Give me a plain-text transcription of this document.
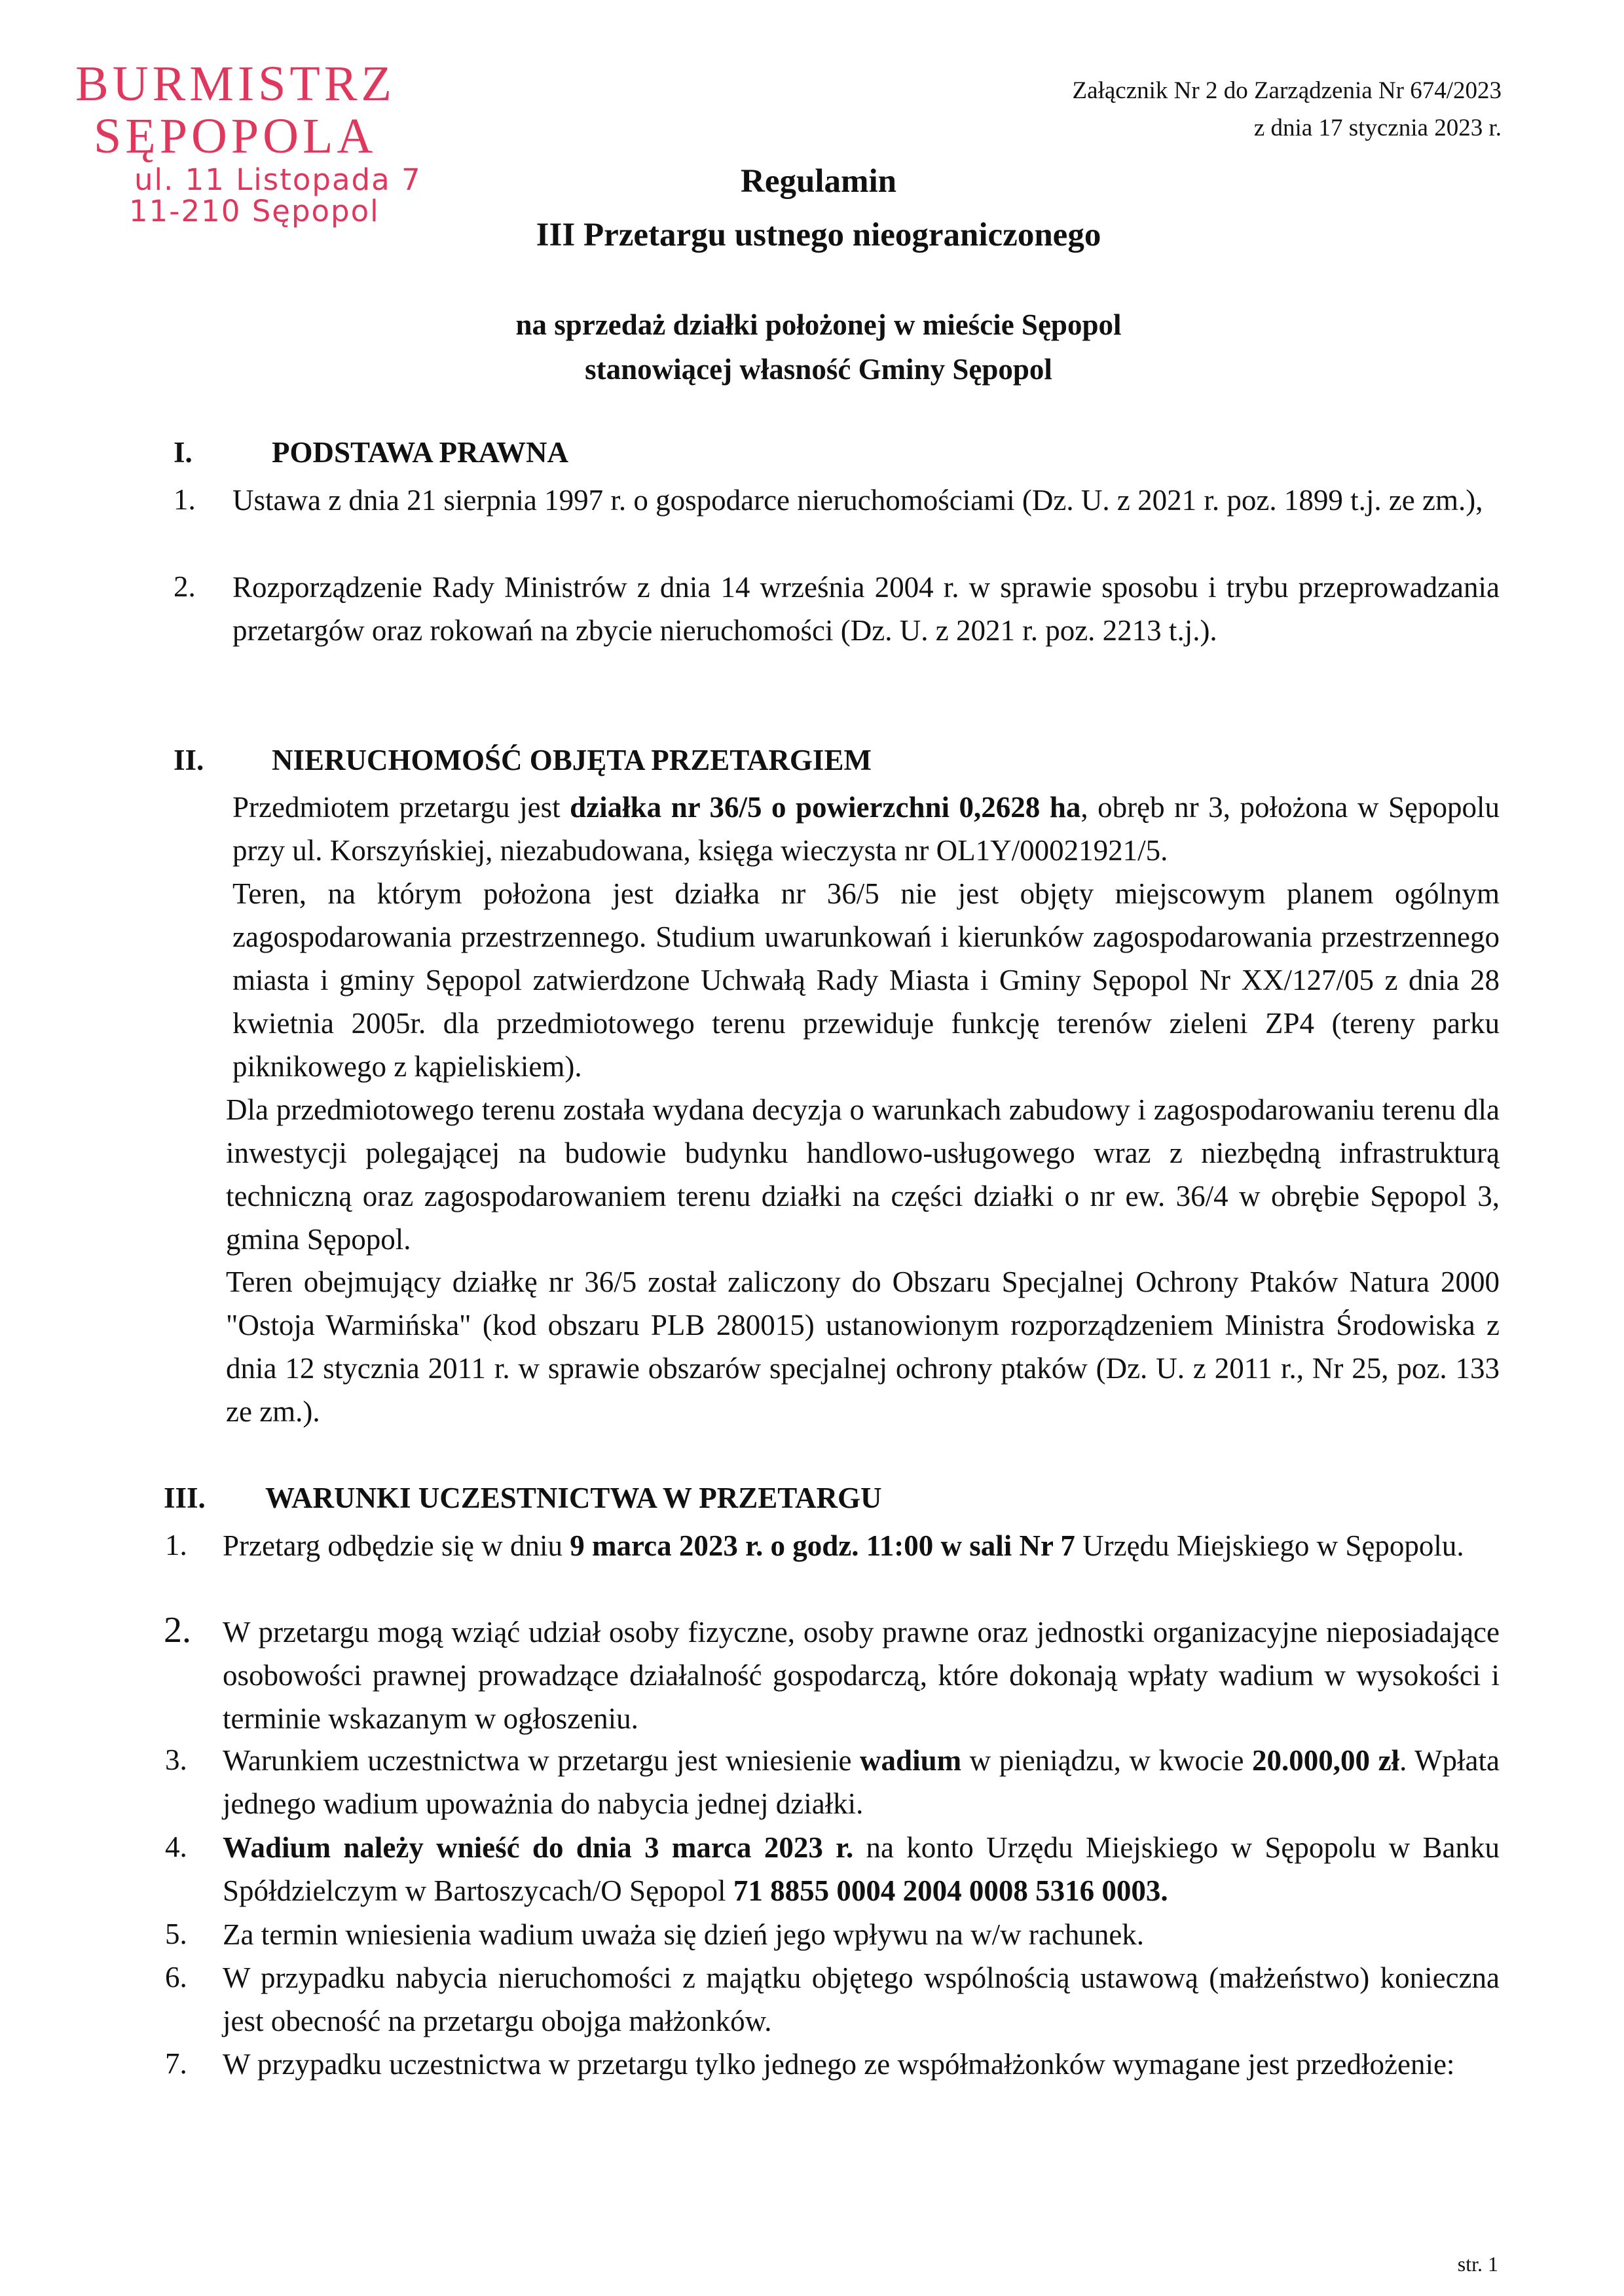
BURMISTRZ
SĘPOPOLA
ul. 11 Listopada 7
11-210 Sępopol
Załącznik Nr 2 do Zarządzenia Nr 674/2023
z dnia 17 stycznia 2023 r.
Regulamin
III Przetargu ustnego nieograniczonego
na sprzedaż działki położonej w mieście Sępopol
stanowiącej własność Gminy Sępopol
I.	PODSTAWA PRAWNA
1. Ustawa z dnia 21 sierpnia 1997 r. o gospodarce nieruchomościami (Dz. U. z 2021 r. poz. 1899 t.j. ze zm.),
2. Rozporządzenie Rady Ministrów z dnia 14 września 2004 r. w sprawie sposobu i trybu przeprowadzania przetargów oraz rokowań na zbycie nieruchomości (Dz. U. z 2021 r. poz. 2213 t.j.).
II. NIERUCHOMOŚĆ OBJĘTA PRZETARGIEM
Przedmiotem przetargu jest działka nr 36/5 o powierzchni 0,2628 ha, obręb nr 3, położona w Sępopolu przy ul. Korszyńskiej, niezabudowana, księga wieczysta nr OL1Y/00021921/5.
Teren, na którym położona jest działka nr 36/5 nie jest objęty miejscowym planem ogólnym zagospodarowania przestrzennego. Studium uwarunkowań i kierunków zagospodarowania przestrzennego miasta i gminy Sępopol zatwierdzone Uchwałą Rady Miasta i Gminy Sępopol Nr XX/127/05 z dnia 28 kwietnia 2005r. dla przedmiotowego terenu przewiduje funkcję terenów zieleni ZP4 (tereny parku piknikowego z kąpieliskiem).
Dla przedmiotowego terenu została wydana decyzja o warunkach zabudowy i zagospodarowaniu terenu dla inwestycji polegającej na budowie budynku handlowo-usługowego wraz z niezbędną infrastrukturą techniczną oraz zagospodarowaniem terenu działki na części działki o nr ew. 36/4 w obrębie Sępopol 3, gmina Sępopol.
Teren obejmujący działkę nr 36/5 został zaliczony do Obszaru Specjalnej Ochrony Ptaków Natura 2000 "Ostoja Warmińska" (kod obszaru PLB 280015) ustanowionym rozporządzeniem Ministra Środowiska z dnia 12 stycznia 2011 r. w sprawie obszarów specjalnej ochrony ptaków (Dz. U. z 2011 r., Nr 25, poz. 133 ze zm.).
III. WARUNKI UCZESTNICTWA W PRZETARGU
1. Przetarg odbędzie się w dniu 9 marca 2023 r. o godz. 11:00 w sali Nr 7 Urzędu Miejskiego w Sępopolu.
2. W przetargu mogą wziąć udział osoby fizyczne, osoby prawne oraz jednostki organizacyjne nieposiadające osobowości prawnej prowadzące działalność gospodarczą, które dokonają wpłaty wadium w wysokości i terminie wskazanym w ogłoszeniu.
3. Warunkiem uczestnictwa w przetargu jest wniesienie wadium w pieniądzu, w kwocie 20.000,00 zł. Wpłata jednego wadium upoważnia do nabycia jednej działki.
4. Wadium należy wnieść do dnia 3 marca 2023 r. na konto Urzędu Miejskiego w Sępopolu w Banku Spółdzielczym w Bartoszycach/O Sępopol 71 8855 0004 2004 0008 5316 0003.
5. Za termin wniesienia wadium uważa się dzień jego wpływu na w/w rachunek.
6. W przypadku nabycia nieruchomości z majątku objętego wspólnością ustawową (małżeństwo) konieczna jest obecność na przetargu obojga małżonków.
7. W przypadku uczestnictwa w przetargu tylko jednego ze współmałżonków wymagane jest przedłożenie:
str. 1
